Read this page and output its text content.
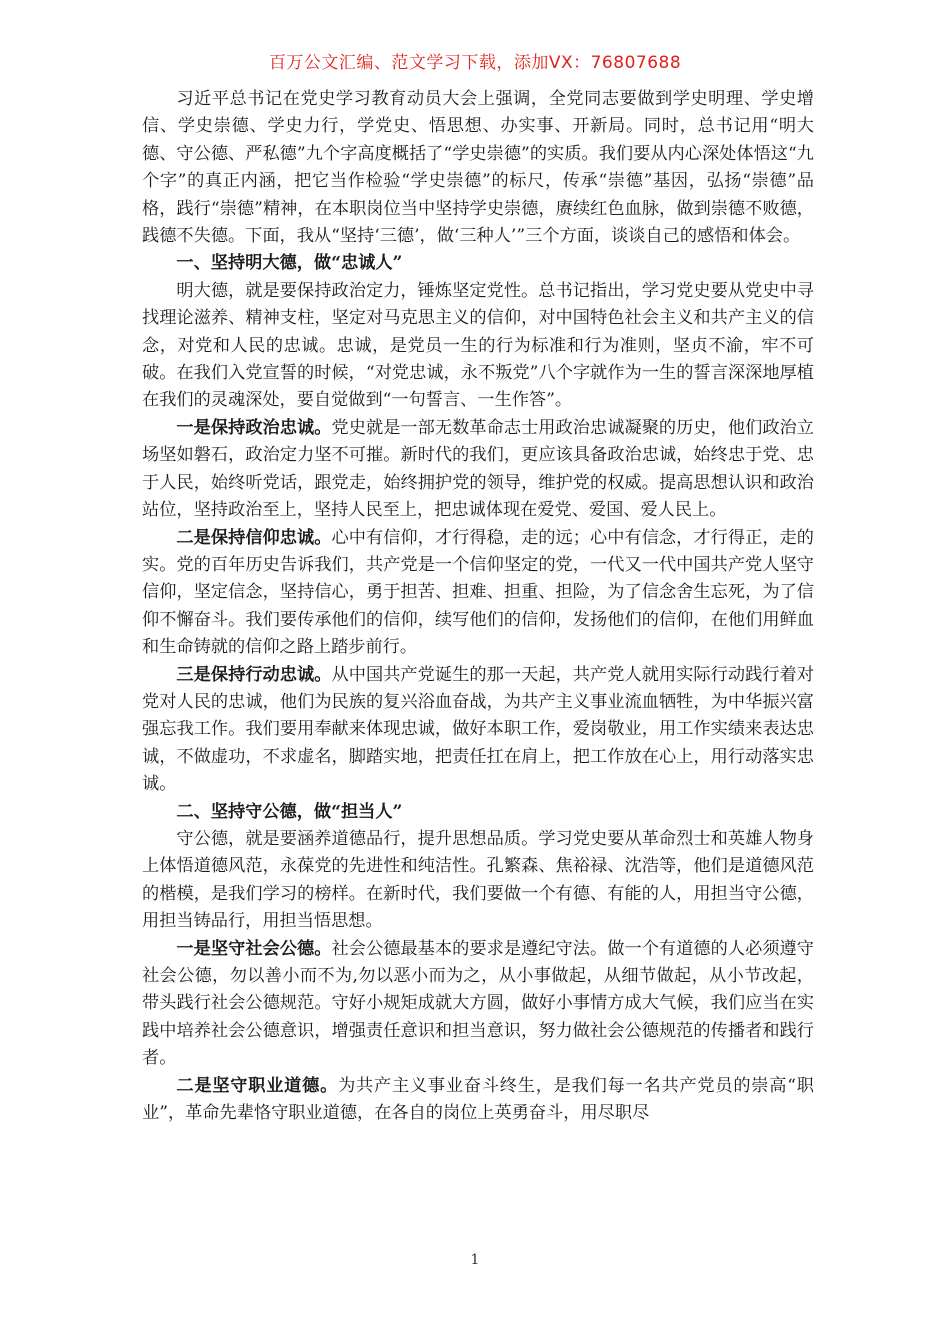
百万公文汇编、范文学习下载，添加VX：76807688

习近平总书记在党史学习教育动员大会上强调，全党同志要做到学史明理、学史增信、学史崇德、学史力行，学党史、悟思想、办实事、开新局。同时，总书记用“明大德、守公德、严私德”九个字高度概括了“学史崇德”的实质。我们要从内心深处体悟这“九个字”的真正内涵，把它当作检验“学史崇德”的标尺，传承“崇德”基因，弘扬“崇德”品格，践行“崇德”精神，在本职岗位当中坚持学史崇德，赓续红色血脉，做到崇德不败德，践德不失德。下面，我从“坚持‘三德’，做‘三种人’”三个方面，谈谈自己的感悟和体会。

一、坚持明大德，做“忠诚人”

明大德，就是要保持政治定力，锤炼坚定党性。总书记指出，学习党史要从党史中寻找理论滋养、精神支柱，坚定对马克思主义的信仰，对中国特色社会主义和共产主义的信念，对党和人民的忠诚。忠诚，是党员一生的行为标准和行为准则，坚贞不渝，牢不可破。在我们入党宣誓的时候，“对党忠诚，永不叛党”八个字就作为一生的誓言深深地厚植在我们的灵魂深处，要自觉做到“一句誓言、一生作答”。

一是保持政治忠诚。党史就是一部无数革命志士用政治忠诚凝聚的历史，他们政治立场坚如磐石，政治定力坚不可摧。新时代的我们，更应该具备政治忠诚，始终忠于党、忠于人民，始终听党话，跟党走，始终拥护党的领导，维护党的权威。提高思想认识和政治站位，坚持政治至上，坚持人民至上，把忠诚体现在爱党、爱国、爱人民上。

二是保持信仰忠诚。心中有信仰，才行得稳，走的远；心中有信念，才行得正，走的实。党的百年历史告诉我们，共产党是一个信仰坚定的党，一代又一代中国共产党人坚守信仰，坚定信念，坚持信心，勇于担苦、担难、担重、担险，为了信念舍生忘死，为了信仰不懈奋斗。我们要传承他们的信仰，续写他们的信仰，发扬他们的信仰，在他们用鲜血和生命铸就的信仰之路上踏步前行。

三是保持行动忠诚。从中国共产党诞生的那一天起，共产党人就用实际行动践行着对党对人民的忠诚，他们为民族的复兴浴血奋战，为共产主义事业流血牺牲，为中华振兴富强忘我工作。我们要用奉献来体现忠诚，做好本职工作，爱岗敬业，用工作实绩来表达忠诚，不做虚功，不求虚名，脚踏实地，把责任扛在肩上，把工作放在心上，用行动落实忠诚。

二、坚持守公德，做“担当人”

守公德，就是要涵养道德品行，提升思想品质。学习党史要从革命烈士和英雄人物身上体悟道德风范，永葆党的先进性和纯洁性。孔繁森、焦裕禄、沈浩等，他们是道德风范的楷模，是我们学习的榜样。在新时代，我们要做一个有德、有能的人，用担当守公德，用担当铸品行，用担当悟思想。

一是坚守社会公德。社会公德最基本的要求是遵纪守法。做一个有道德的人必须遵守社会公德，勿以善小而不为,勿以恶小而为之，从小事做起，从细节做起，从小节改起，带头践行社会公德规范。守好小规矩成就大方圆，做好小事情方成大气候，我们应当在实践中培养社会公德意识，增强责任意识和担当意识，努力做社会公德规范的传播者和践行者。

二是坚守职业道德。为共产主义事业奋斗终生，是我们每一名共产党员的崇高“职业”，革命先辈恪守职业道德，在各自的岗位上英勇奋斗，用尽职尽

1
